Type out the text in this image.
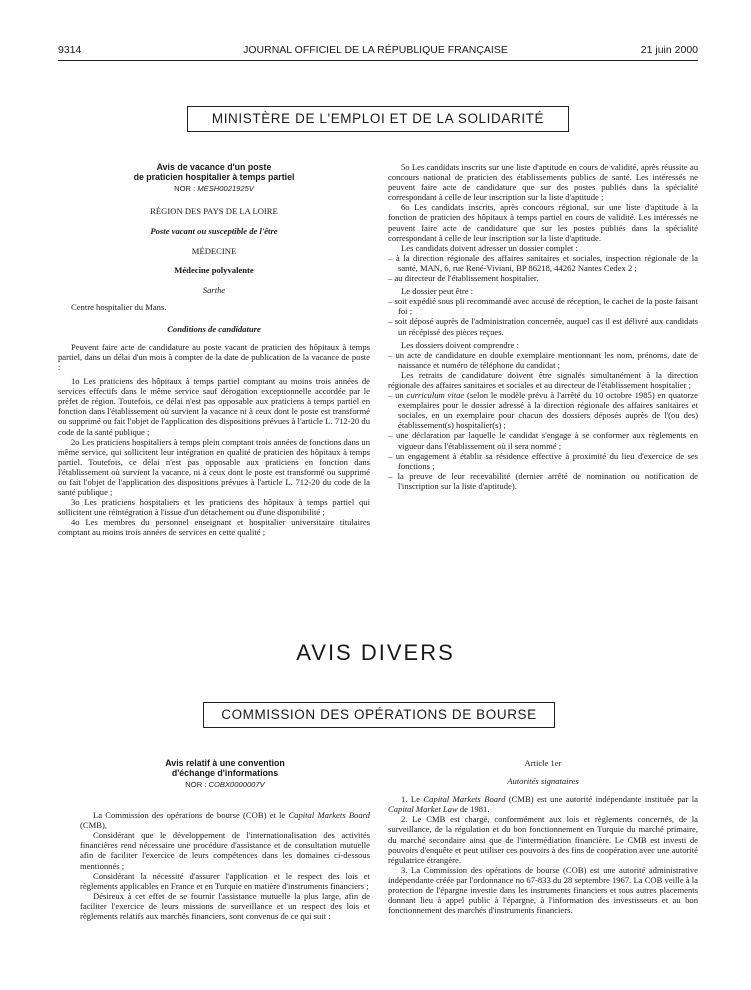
9314	JOURNAL OFFICIEL DE LA RÉPUBLIQUE FRANÇAISE	21 juin 2000
MINISTÈRE DE L'EMPLOI ET DE LA SOLIDARITÉ
Avis de vacance d'un poste
de praticien hospitalier à temps partiel
NOR : MESH0021925V
RÉGION DES PAYS DE LA LOIRE
Poste vacant ou susceptible de l'être
MÉDECINE
Médecine polyvalente
Sarthe

Centre hospitalier du Mans.

Conditions de candidature

Peuvent faire acte de candidature au poste vacant de praticien des hôpitaux à temps partiel, dans un délai d'un mois à compter de la date de publication de la vacance de poste :

1o Les praticiens des hôpitaux à temps partiel comptant au moins trois années de services effectifs dans le même service sauf dérogation exceptionnelle accordée par le préfet de région. Toutefois, ce délai n'est pas opposable aux praticiens à temps partiel en fonction dans l'établissement où survient la vacance ni à ceux dont le poste est transformé ou supprimé ou fait l'objet de l'application des dispositions prévues à l'article L. 712-20 du code de la santé publique ;

2o Les praticiens hospitaliers à temps plein comptant trois années de fonctions dans un même service, qui sollicitent leur intégration en qualité de praticien des hôpitaux à temps partiel. Toutefois, ce délai n'est pas opposable aux praticiens en fonction dans l'établissement où survient la vacance, ni à ceux dont le poste est transformé ou supprimé ou fait l'objet de l'application des dispositions prévues à l'article L. 712-20 du code de la santé publique ;

3o Les praticiens hospitaliers et les praticiens des hôpitaux à temps partiel qui sollicitent une réintégration à l'issue d'un détachement ou d'une disponibilité ;

4o Les membres du personnel enseignant et hospitalier universitaire titulaires comptant au moins trois années de services en cette qualité ;

5o Les candidats inscrits sur une liste d'aptitude en cours de validité, après réussite au concours national de praticien des établissements publics de santé. Les intéressés ne peuvent faire acte de candidature que sur des postes publiés dans la spécialité correspondant à celle de leur inscription sur la liste d'aptitude ;

6o Les candidats inscrits, après concours régional, sur une liste d'aptitude à la fonction de praticien des hôpitaux à temps partiel en cours de validité. Les intéressés ne peuvent faire acte de candidature que sur les postes publiés dans la spécialité correspondant à celle de leur inscription sur la liste d'aptitude.

Les candidats doivent adresser un dossier complet :

– à la direction régionale des affaires sanitaires et sociales, inspection régionale de la santé, MAN, 6, rue René-Viviani, BP 86218, 44262 Nantes Cedex 2 ;
– au directeur de l'établissement hospitalier.

Le dossier peut être :

– soit expédié sous pli recommandé avec accusé de réception, le cachet de la poste faisant foi ;
– soit déposé auprès de l'administration concernée, auquel cas il est délivré aux candidats un récépissé des pièces reçues.

Les dossiers doivent comprendre :

– un acte de candidature en double exemplaire mentionnant les nom, prénoms, date de naissance et numéro de téléphone du candidat ;

Les retraits de candidature doivent être signalés simultanément à la direction régionale des affaires sanitaires et sociales et au directeur de l'établissement hospitalier ;

– un curriculum vitae (selon le modèle prévu à l'arrêté du 10 octobre 1985) en quatorze exemplaires pour le dossier adressé à la direction régionale des affaires sanitaires et sociales, en un exemplaire pour chacun des dossiers déposés auprès de l'(ou des) établissement(s) hospitalier(s) ;
– une déclaration par laquelle le candidat s'engage à se conformer aux règlements en vigueur dans l'établissement où il sera nommé ;
– un engagement à établir sa résidence effective à proximité du lieu d'exercice de ses fonctions ;
– la preuve de leur recevabilité (dernier arrêté de nomination ou notification de l'inscription sur la liste d'aptitude).
AVIS DIVERS
COMMISSION DES OPÉRATIONS DE BOURSE
Avis relatif à une convention
d'échange d'informations
NOR : COBX0000007V

La Commission des opérations de bourse (COB) et le Capital Markets Board (CMB),

Considérant que le développement de l'internationalisation des activités financières rend nécessaire une procédure d'assistance et de consultation mutuelle afin de faciliter l'exercice de leurs compétences dans les domaines ci-dessous mentionnés ;

Considérant la nécessité d'assurer l'application et le respect des lois et règlements applicables en France et en Turquie en matière d'instruments financiers ;

Désireux à cet effet de se fournir l'assistance mutuelle la plus large, afin de faciliter l'exercice de leurs missions de surveillance et un respect des lois et règlements relatifs aux marchés financiers, sont convenus de ce qui suit :

Article 1er
Autorités signataires

1. Le Capital Markets Board (CMB) est une autorité indépendante instituée par la Capital Market Law de 1981.

2. Le CMB est chargé, conformément aux lois et règlements concernés, de la surveillance, de la régulation et du bon fonctionnement en Turquie du marché primaire, du marché secondaire ainsi que de l'intermédiation financière. Le CMB est investi de pouvoirs d'enquête et peut utiliser ces pouvoirs à des fins de coopération avec une autorité régulatrice étrangère.

3. La Commission des opérations de bourse (COB) est une autorité administrative indépendante créée par l'ordonnance no 67-833 du 28 septembre 1967. La COB veille à la protection de l'épargne investie dans les instruments financiers et tous autres placements donnant lieu à appel public à l'épargne, à l'information des investisseurs et au bon fonctionnement des marchés d'instruments financiers.
